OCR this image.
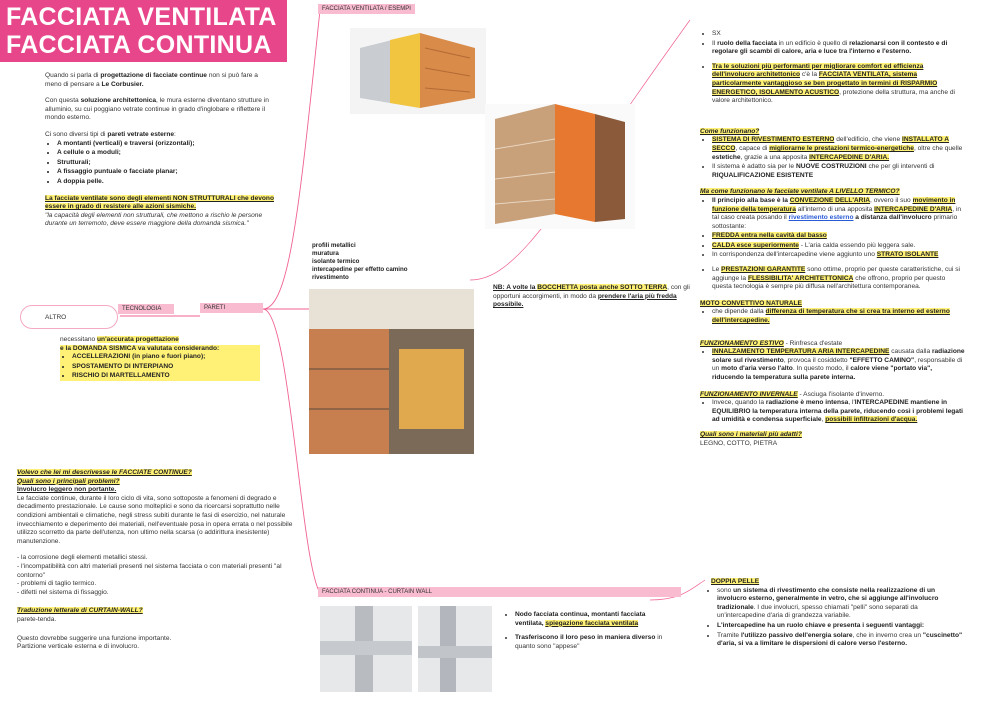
FACCIATA VENTILATA
FACCIATA CONTINUA
FACCIATA VENTILATA / ESEMPI
Quando si parla di progettazione di facciate continue non si può fare a meno di pensare a Le Corbusier.
Con questa soluzione architettonica, le mura esterne diventano strutture in alluminio, su cui poggiano vetrate continue in grado d'inglobare e riflettere il mondo esterno.
Ci sono diversi tipi di pareti vetrate esterne:
• A montanti (verticali) e traversi (orizzontali);
• A cellule o a moduli;
• Strutturali;
• A fissaggio puntuale o facciate planar;
• A doppia pelle.
La facciate ventilate sono degli elementi NON STRUTTURALI che devono essere in grado di resistere alle azioni sismiche.
"la capacità degli elementi non strutturali, che mettono a rischio le persone durante un terremoto, deve essere maggiore della domanda sismica."
ALTRO
TECNOLOGIA	PARETI
necessitano un'accurata progettazione
e la DOMANDA SISMICA va valutata considerando:
• ACCELLERAZIONI (in piano e fuori piano);
• SPOSTAMENTO DI INTERPIANO
• RISCHIO DI MARTELLAMENTO
Volevo che lei mi descrivesse le FACCIATE CONTINUE?
Quali sono i principali problemi?
Involucro leggero non portante.
Le facciate continue, durante il loro ciclo di vita, sono sottoposte a fenomeni di degrado e decadimento prestazionale. Le cause sono molteplici e sono da ricercarsi soprattutto nelle condizioni ambientali e climatiche, negli stress subiti durante le fasi di esercizio, nel naturale invecchiamento e deperimento dei materiali, nell'eventuale posa in opera errata o nel possibile utilizzo scorretto da parte dell'utenza, non ultimo nella scarsa (o addirittura inesistente) manutenzione.
- la corrosione degli elementi metallici stessi.
- l'incompatibilità con altri materiali presenti nel sistema facciata o con materiali presenti "al contorno"
- problemi di taglio termico.
- difetti nel sistema di fissaggio.
Traduzione letterale di CURTAIN-WALL?
parete-tenda.
Questo dovrebbe suggerire una funzione importante.
Partizione verticale esterna e di involucro.
profili metallici
muratura
isolante termico
intercapedine per effetto camino
rivestimento
NB: A volte la BOCCHETTA posta anche SOTTO TERRA, con gli opportuni accorgimenti, in modo da prendere l'aria più fredda possibile.
• SX
• Il ruolo della facciata in un edificio è quello di relazionarsi con il contesto e di regolare gli scambi di calore, aria e luce tra l'interno e l'esterno.
• Tra le soluzioni più performanti per migliorare comfort ed efficienza dell'involucro architettonico c'è la FACCIATA VENTILATA, sistema particolarmente vantaggioso se ben progettato in termini di RISPARMIO ENERGETICO, ISOLAMENTO ACUSTICO, protezione della struttura, ma anche di valore architettonico.
Come funzionano?
• SISTEMA DI RIVESTIMENTO ESTERNO dell'edificio, che viene INSTALLATO A SECCO, capace di migliorarne le prestazioni termico-energetiche, oltre che quelle estetiche, grazie a una apposita INTERCAPEDINE D'ARIA.
• Il sistema è adatto sia per le NUOVE COSTRUZIONI che per gli interventi di RIQUALIFICAZIONE ESISTENTE
Ma come funzionano le facciate ventilate A LIVELLO TERMICO?
• Il principio alla base è la CONVEZIONE DELL'ARIA, ovvero il suo movimento in funzione della temperatura all'interno di una apposita INTERCAPEDINE D'ARIA, in tal caso creata posando il rivestimento esterno a distanza dall'involucro primario sottostante:
• FREDDA entra nella cavità dal basso
• CALDA esce superiormente - L'aria calda essendo più leggera sale.
• In corrispondenza dell'intercapedine viene aggiunto uno STRATO ISOLANTE
• Le PRESTAZIONI GARANTITE sono ottime, proprio per queste caratteristiche, cui si aggiunge la FLESSIBILITA' ARCHITETTONICA che offrono, proprio per questo questa tecnologia è sempre più diffusa nell'architettura contemporanea.
MOTO CONVETTIVO NATURALE
• che dipende dalla differenza di temperatura che si crea tra interno ed esterno dell'intercapedine.
FUNZIONAMENTO ESTIVO - Rinfresca d'estate
• INNALZAMENTO TEMPERATURA ARIA INTERCAPEDINE causata dalla radiazione solare sul rivestimento, provoca il cosiddetto "EFFETTO CAMINO", responsabile di un moto d'aria verso l'alto. In questo modo, il calore viene "portato via", riducendo la temperatura sulla parete interna.
FUNZIONAMENTO INVERNALE - Asciuga l'isolante d'inverno.
• Invece, quando la radiazione è meno intensa, l'INTERCAPEDINE mantiene in EQUILIBRIO la temperatura interna della parete, riducendo così i problemi legati ad umidità e condensa superficiale, possibili infiltrazioni d'acqua.
Quali sono i materiali più adatti?
LEGNO, COTTO, PIETRA
FACCIATA CONTINUA - CURTAIN WALL
• Nodo facciata continua, montanti facciata ventilata, spiegazione facciata ventilata
• Trasferiscono il loro peso in maniera diverso in quanto sono "appese"
DOPPIA PELLE
• sono un sistema di rivestimento che consiste nella realizzazione di un involucro esterno, generalmente in vetro, che si aggiunge all'involucro tradizionale. I due involucri, spesso chiamati "pelli" sono separati da un'intercapedine d'aria di grandezza variabile.
• L'intercapedine ha un ruolo chiave e presenta i seguenti vantaggi:
• Tramite l'utilizzo passivo dell'energia solare, che in inverno crea un "cuscinetto" d'aria, si va a limitare le dispersioni di calore verso l'esterno.
